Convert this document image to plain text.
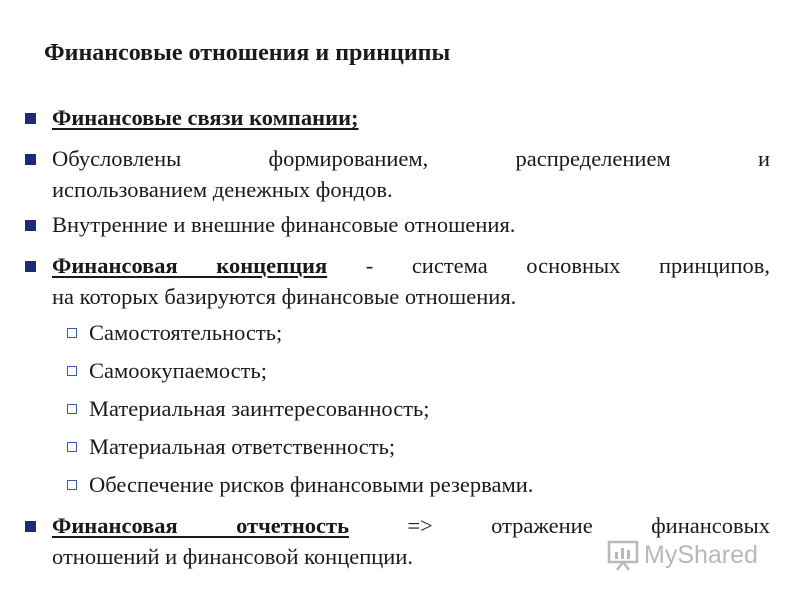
Финансовые отношения и принципы
Финансовые связи компании;
Обусловлены формированием, распределением и
использованием денежных фондов.
Внутренние и внешние финансовые отношения.
Финансовая концепция - система основных принципов,
на которых базируются финансовые отношения.
Самостоятельность;
Самоокупаемость;
Материальная заинтересованность;
Материальная ответственность;
Обеспечение рисков финансовыми резервами.
Финансовая отчетность => отражение финансовых
отношений и финансовой концепции.	MyShared
